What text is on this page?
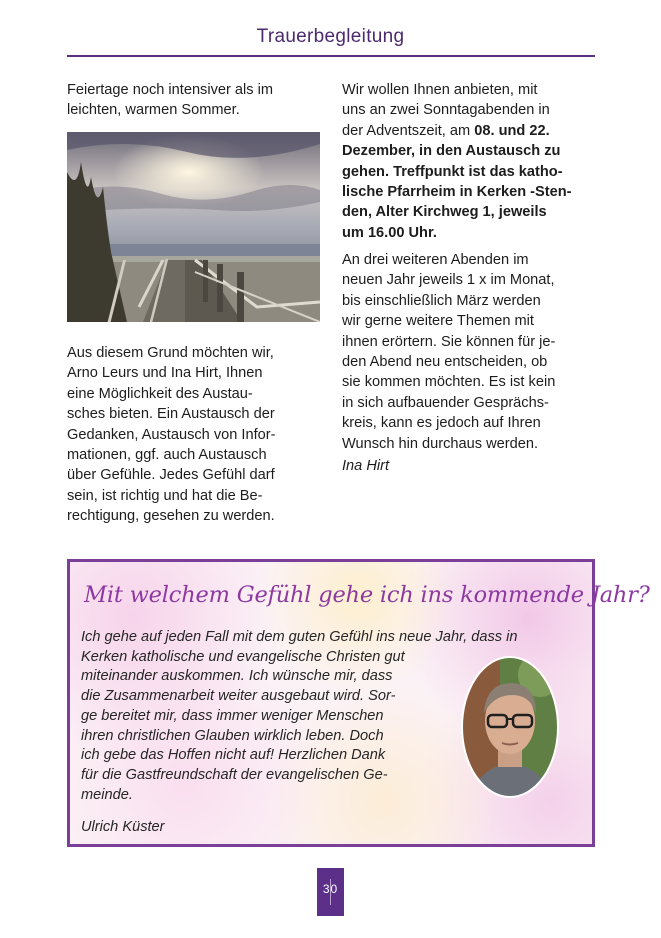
Trauerbegleitung
Feiertage noch intensiver als im
leichten, warmen Sommer.
Aus diesem Grund möchten wir,
Arno Leurs und Ina Hirt, Ihnen
eine Möglichkeit des Austau-
sches bieten. Ein Austausch der
Gedanken, Austausch von Infor-
mationen, ggf. auch Austausch
über Gefühle. Jedes Gefühl darf
sein, ist richtig und hat die Be-
rechtigung, gesehen zu werden.
Wir wollen Ihnen anbieten, mit
uns an zwei Sonntagabenden in
der Adventszeit, am 08. und 22.
Dezember, in den Austausch zu
gehen. Treffpunkt ist das katho-
lische Pfarrheim in Kerken -Sten-
den, Alter Kirchweg 1, jeweils
um 16.00 Uhr.
An drei weiteren Abenden im
neuen Jahr jeweils 1 x im Monat,
bis einschließlich März werden
wir gerne weitere Themen mit
ihnen erörtern. Sie können für je-
den Abend neu entscheiden, ob
sie kommen möchten. Es ist kein
in sich aufbauender Gesprächs-
kreis, kann es jedoch auf Ihren
Wunsch hin durchaus werden.
Ina Hirt
Mit welchem Gefühl gehe ich ins kommende Jahr?
Ich gehe auf jeden Fall mit dem guten Gefühl ins neue Jahr, dass in
Kerken katholische und evangelische Christen gut
miteinander auskommen. Ich wünsche mir, dass
die Zusammenarbeit weiter ausgebaut wird. Sor-
ge bereitet mir, dass immer weniger Menschen
ihren christlichen Glauben wirklich leben. Doch
ich gebe das Hoffen nicht auf! Herzlichen Dank
für die Gastfreundschaft der evangelischen Ge-
meinde.
Ulrich Küster
30
